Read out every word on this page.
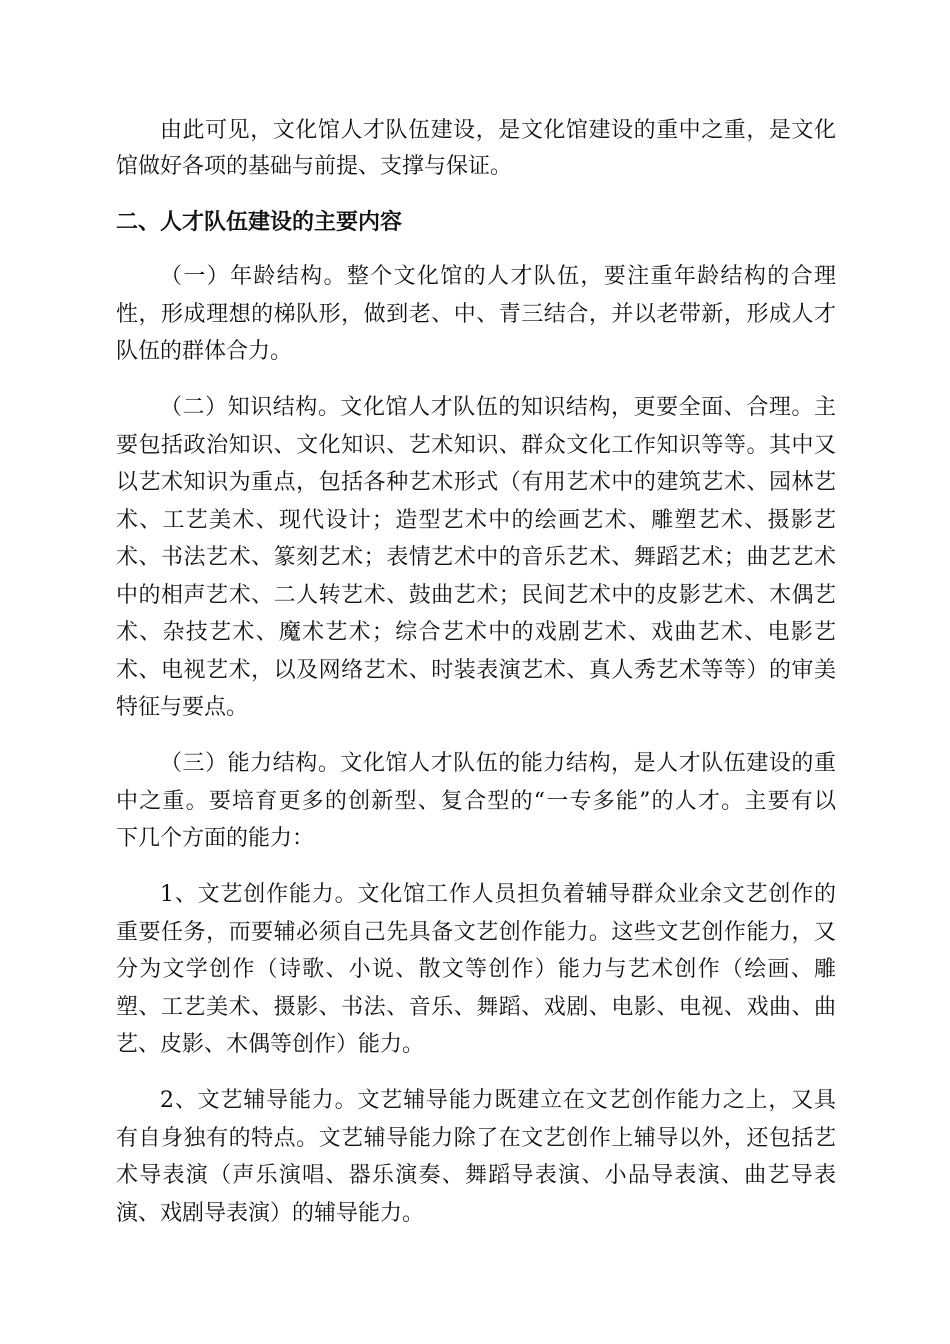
由此可见，文化馆人才队伍建设，是文化馆建设的重中之重，是文化
馆做好各项的基础与前提、支撑与保证。
二、人才队伍建设的主要内容
（一）年龄结构。整个文化馆的人才队伍，要注重年龄结构的合理
性，形成理想的梯队形，做到老、中、青三结合，并以老带新，形成人才
队伍的群体合力。
（二）知识结构。文化馆人才队伍的知识结构，更要全面、合理。主
要包括政治知识、文化知识、艺术知识、群众文化工作知识等等。其中又
以艺术知识为重点，包括各种艺术形式（有用艺术中的建筑艺术、园林艺
术、工艺美术、现代设计；造型艺术中的绘画艺术、雕塑艺术、摄影艺
术、书法艺术、篆刻艺术；表情艺术中的音乐艺术、舞蹈艺术；曲艺艺术
中的相声艺术、二人转艺术、鼓曲艺术；民间艺术中的皮影艺术、木偶艺
术、杂技艺术、魔术艺术；综合艺术中的戏剧艺术、戏曲艺术、电影艺
术、电视艺术，以及网络艺术、时装表演艺术、真人秀艺术等等）的审美
特征与要点。
（三）能力结构。文化馆人才队伍的能力结构，是人才队伍建设的重
中之重。要培育更多的创新型、复合型的“一专多能”的人才。主要有以
下几个方面的能力：
1、文艺创作能力。文化馆工作人员担负着辅导群众业余文艺创作的
重要任务，而要辅必须自己先具备文艺创作能力。这些文艺创作能力，又
分为文学创作（诗歌、小说、散文等创作）能力与艺术创作（绘画、雕
塑、工艺美术、摄影、书法、音乐、舞蹈、戏剧、电影、电视、戏曲、曲
艺、皮影、木偶等创作）能力。
2、文艺辅导能力。文艺辅导能力既建立在文艺创作能力之上，又具
有自身独有的特点。文艺辅导能力除了在文艺创作上辅导以外，还包括艺
术导表演（声乐演唱、器乐演奏、舞蹈导表演、小品导表演、曲艺导表
演、戏剧导表演）的辅导能力。
